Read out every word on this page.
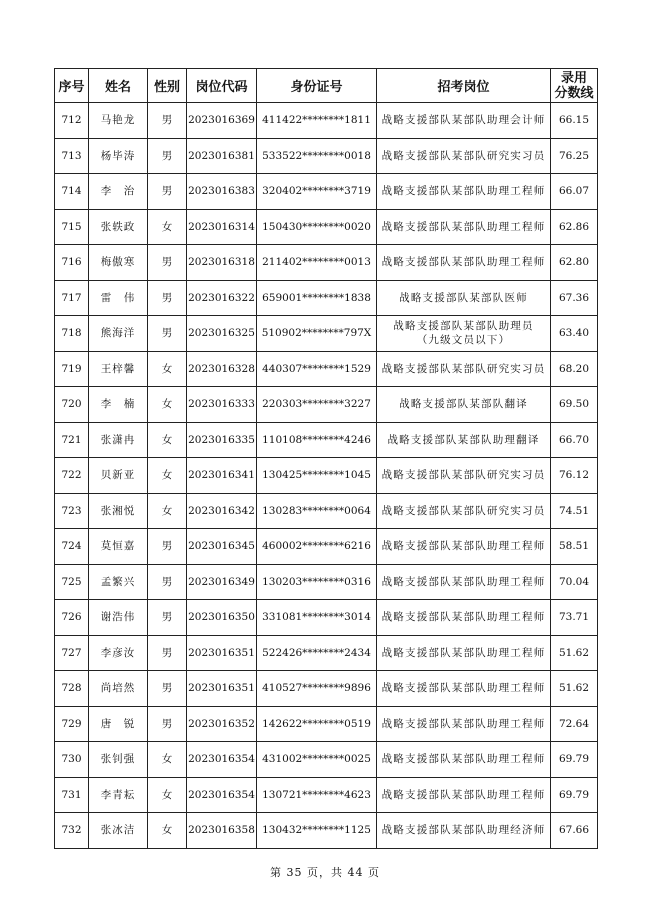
序号	姓名	性别	岗位代码	身份证号	招考岗位	录用
分数线

712	马艳龙	男	2023016369	411422********1811	战略支援部队某部队助理会计师	66.15
713	杨毕涛	男	2023016381	533522********0018	战略支援部队某部队研究实习员	76.25
714	李　治	男	2023016383	320402********3719	战略支援部队某部队助理工程师	66.07
715	张轶政	女	2023016314	150430********0020	战略支援部队某部队助理工程师	62.86
716	梅傲寒	男	2023016318	211402********0013	战略支援部队某部队助理工程师	62.80
717	雷　伟	男	2023016322	659001********1838	战略支援部队某部队医师	67.36
718	熊海洋	男	2023016325	510902********797X	战略支援部队某部队助理员
（九级文员以下）	63.40
719	王梓馨	女	2023016328	440307********1529	战略支援部队某部队研究实习员	68.20
720	李　楠	女	2023016333	220303********3227	战略支援部队某部队翻译	69.50
721	张潇冉	女	2023016335	110108********4246	战略支援部队某部队助理翻译	66.70
722	贝新亚	女	2023016341	130425********1045	战略支援部队某部队研究实习员	76.12
723	张湘悦	女	2023016342	130283********0064	战略支援部队某部队研究实习员	74.51
724	莫恒嘉	男	2023016345	460002********6216	战略支援部队某部队助理工程师	58.51
725	孟繁兴	男	2023016349	130203********0316	战略支援部队某部队助理工程师	70.04
726	谢浩伟	男	2023016350	331081********3014	战略支援部队某部队助理工程师	73.71
727	李彦汝	男	2023016351	522426********2434	战略支援部队某部队助理工程师	51.62
728	尚培然	男	2023016351	410527********9896	战略支援部队某部队助理工程师	51.62
729	唐　锐	男	2023016352	142622********0519	战略支援部队某部队助理工程师	72.64
730	张钊强	女	2023016354	431002********0025	战略支援部队某部队助理工程师	69.79
731	李青耘	女	2023016354	130721********4623	战略支援部队某部队助理工程师	69.79
732	张冰洁	女	2023016358	130432********1125	战略支援部队某部队助理经济师	67.66
第 35 页，共 44 页
